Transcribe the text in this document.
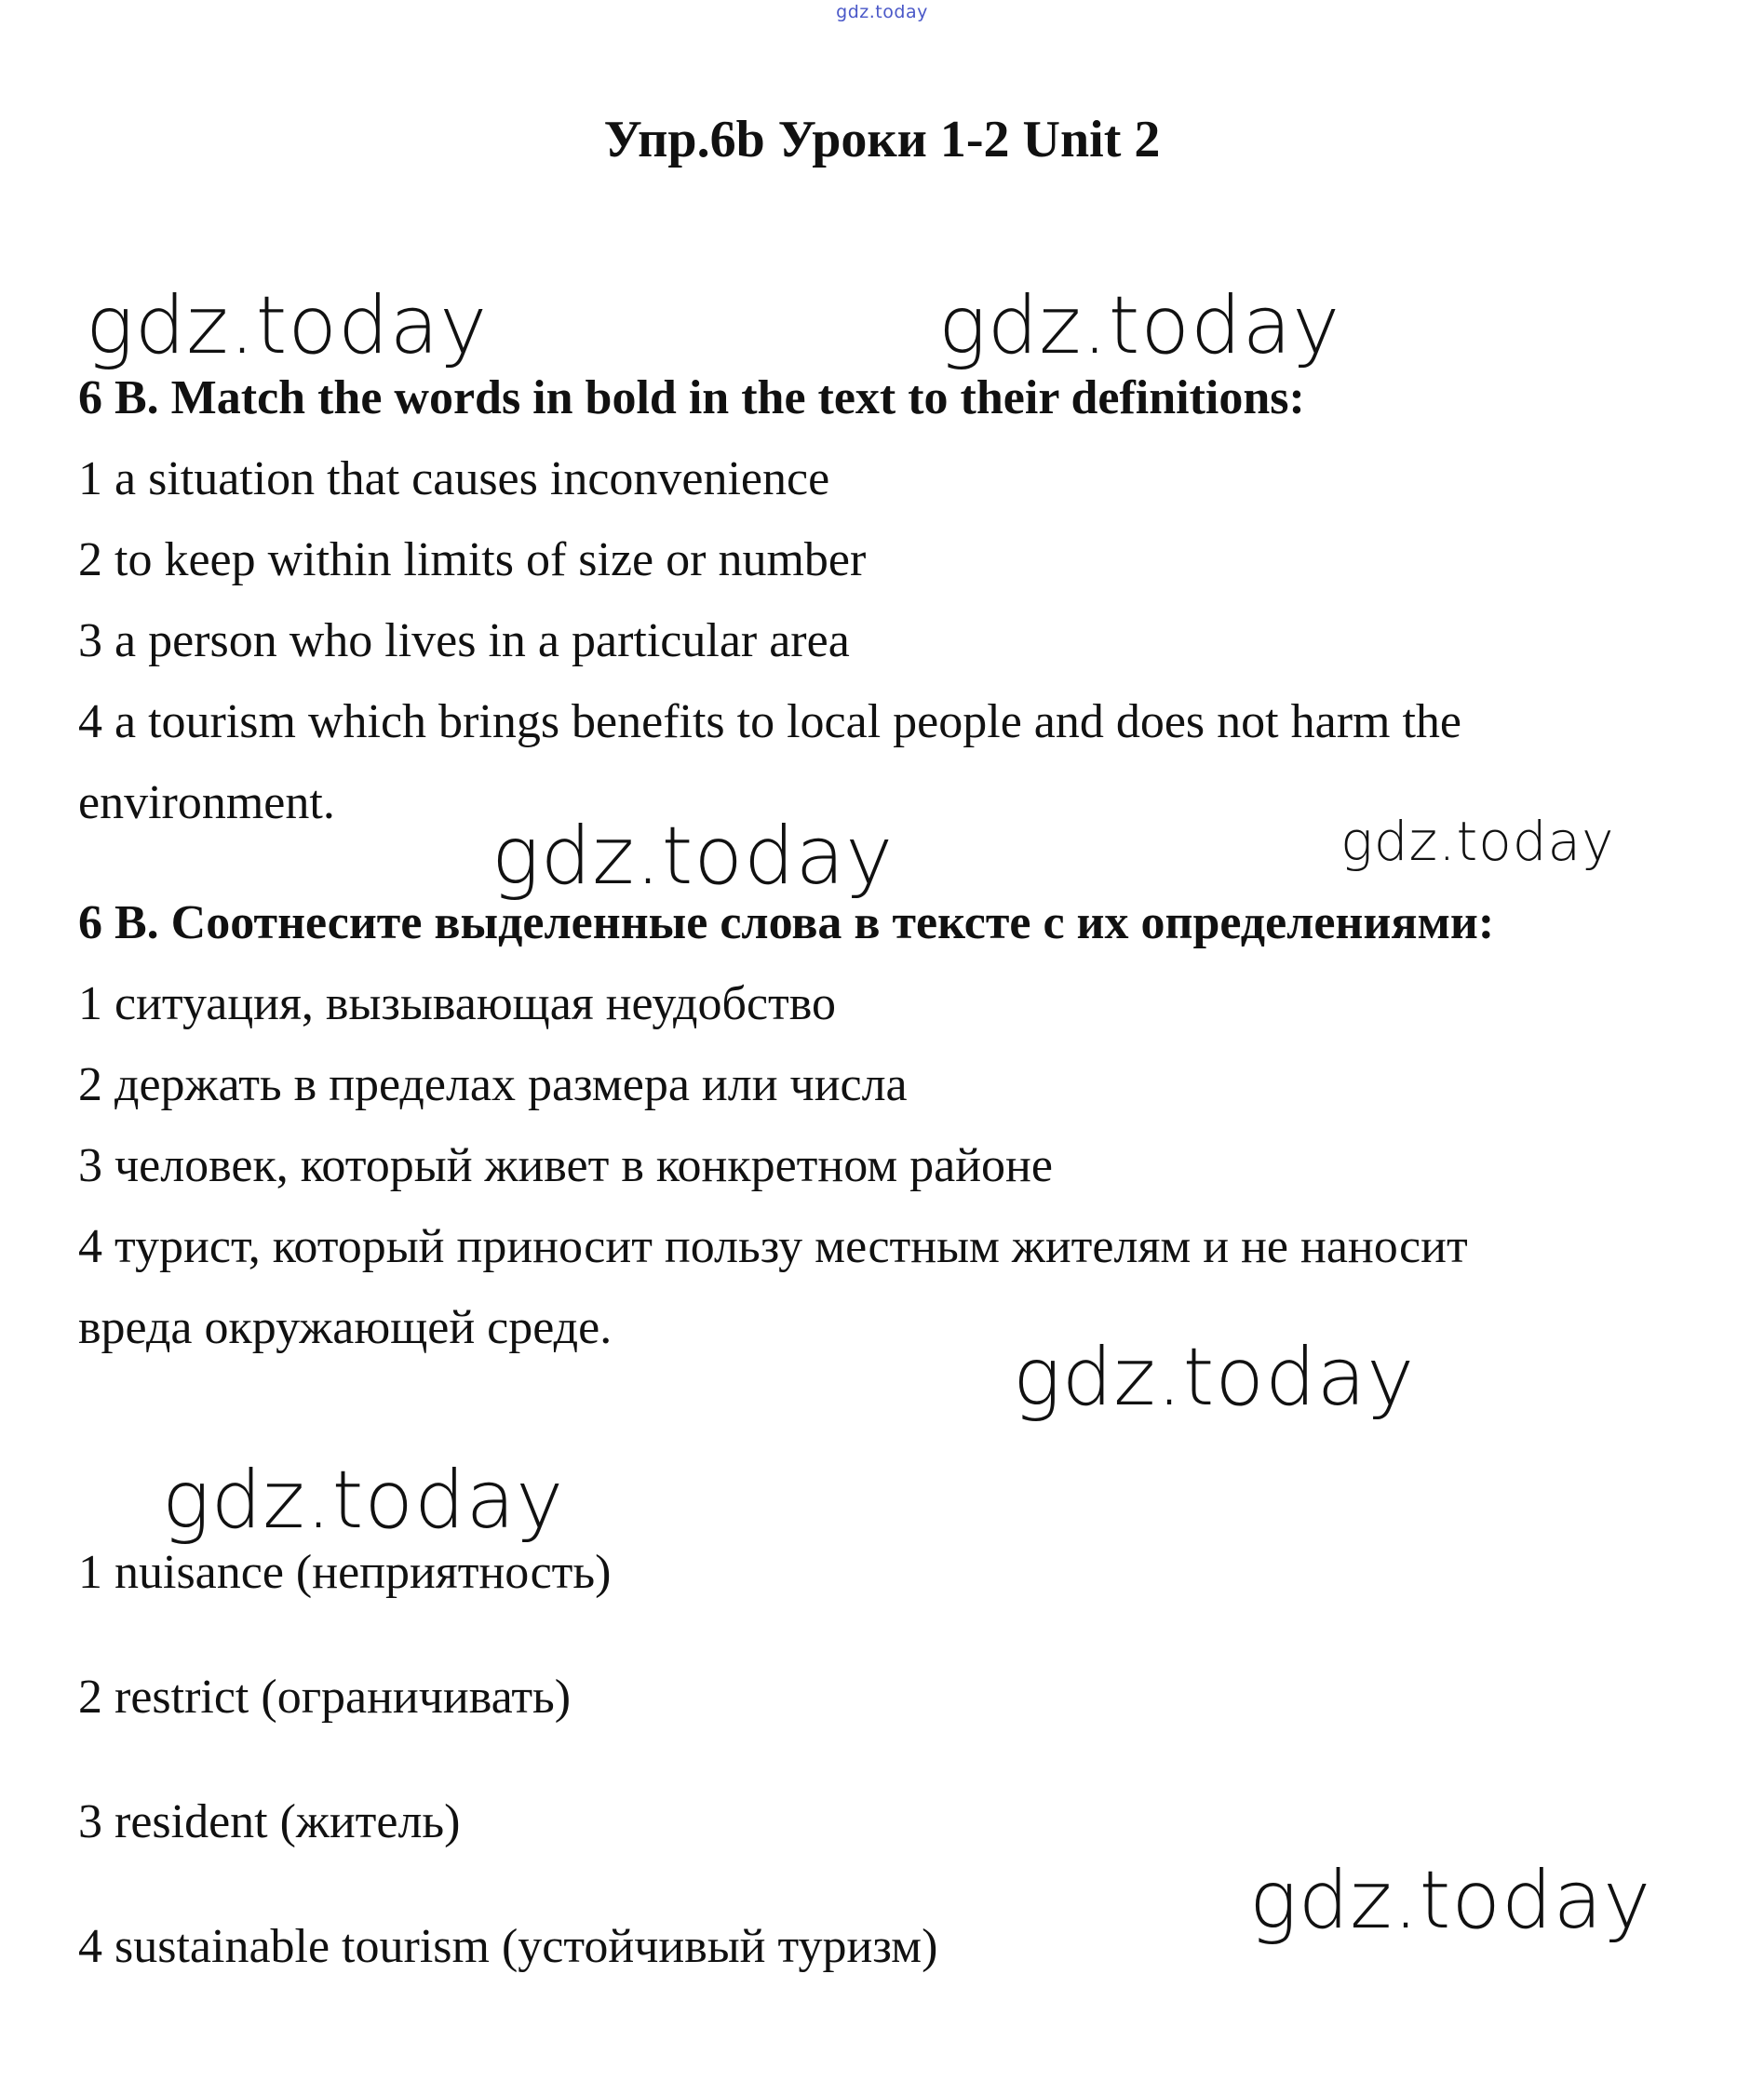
gdz.today
Упр.6b Уроки 1-2 Unit 2
gdz.today	gdz.today
gdz.today	gdz.today
gdz.today
gdz.today
gdz.today

6 B. Match the words in bold in the text to their definitions:

1 a situation that causes inconvenience

2 to keep within limits of size or number

3 a person who lives in a particular area

4 a tourism which brings benefits to local people and does not harm the

environment.

6 B. Соотнесите выделенные слова в тексте с их определениями:

1 ситуация, вызывающая неудобство

2 держать в пределах размера или числа

3 человек, который живет в конкретном районе

4 турист, который приносит пользу местным жителям и не наносит

вреда окружающей среде.

1 nuisance (неприятность)

2 restrict (ограничивать)

3 resident (житель)

4 sustainable tourism (устойчивый туризм)
